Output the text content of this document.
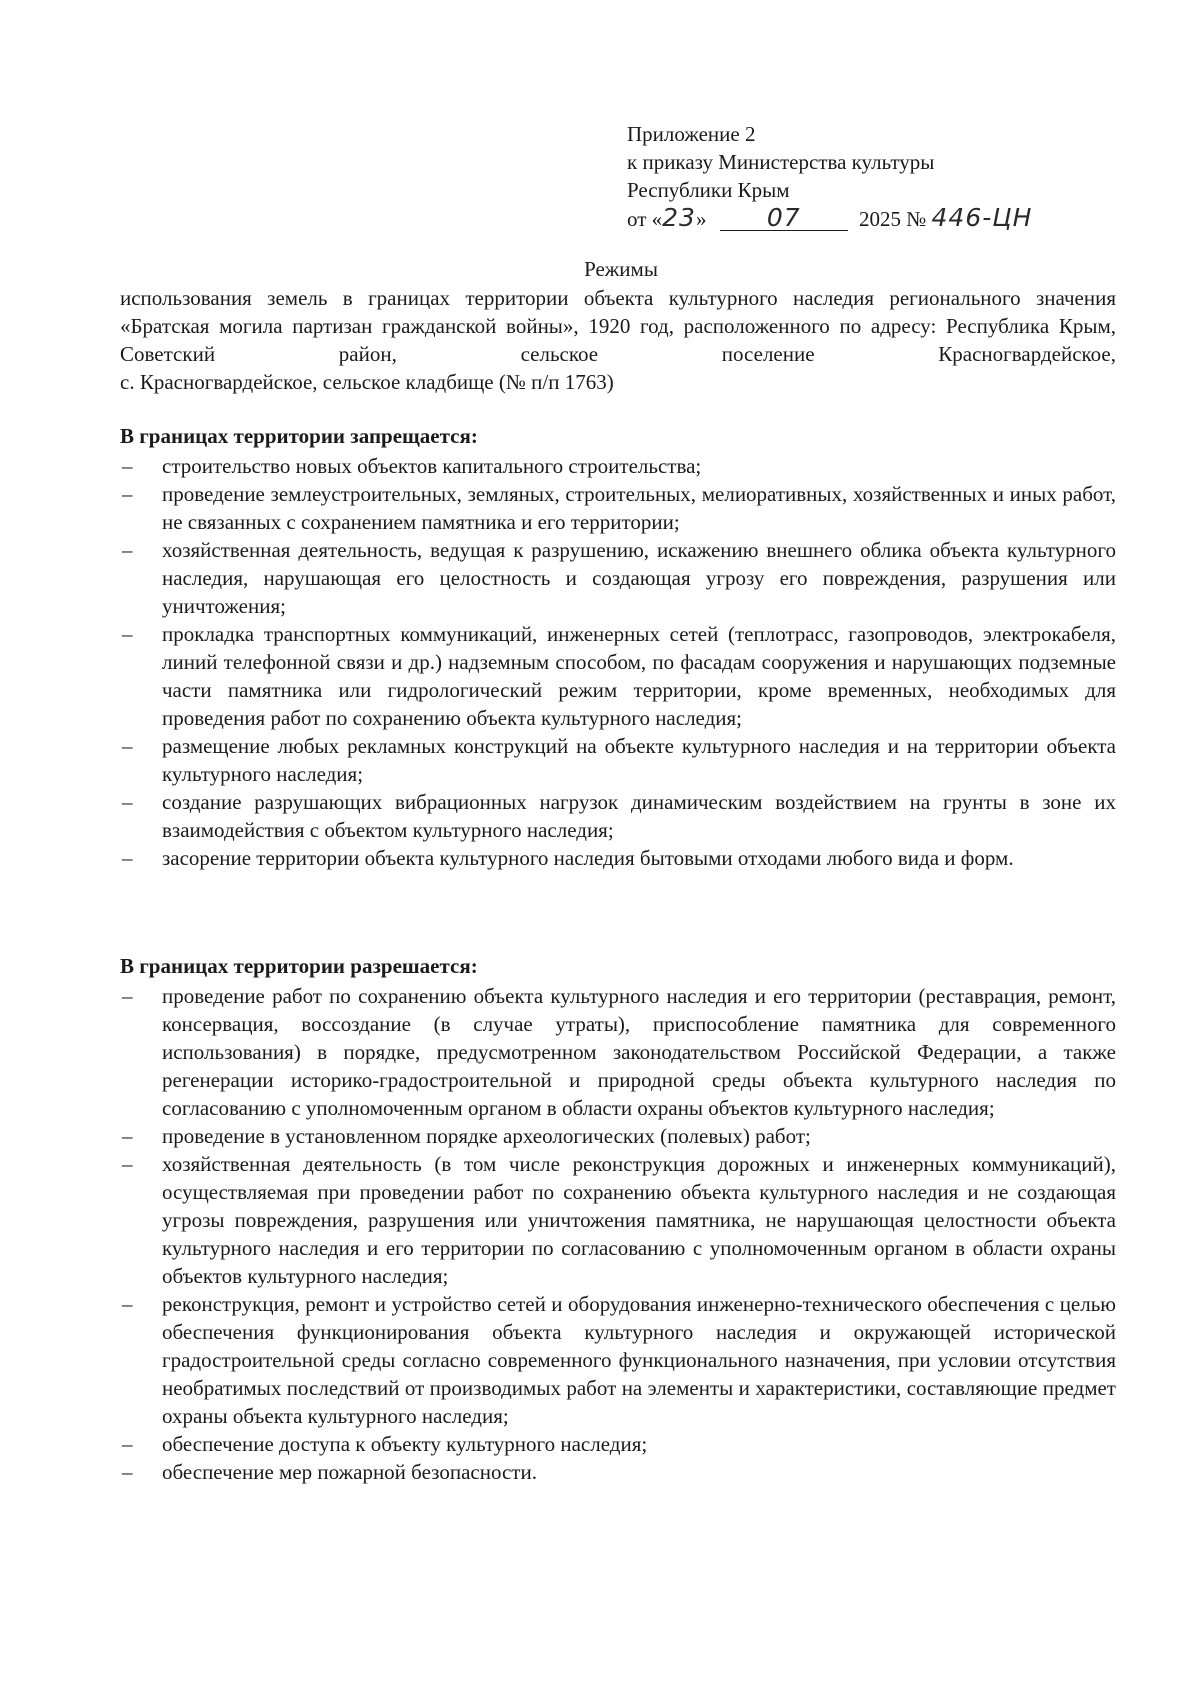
Приложение 2
к приказу Министерства культуры
Республики Крым
от «23» 07	2025 № 446-ЦН
Режимы
использования земель в границах территории объекта культурного наследия регионального значения «Братская могила партизан гражданской войны», 1920 год, расположенного по адресу: Республика Крым, Советский район, сельское поселение Красногвардейское,
с. Красногвардейское, сельское кладбище (№ п/п 1763)
В границах территории запрещается:
– строительство новых объектов капитального строительства;
– проведение землеустроительных, земляных, строительных, мелиоративных, хозяйственных и иных работ, не связанных с сохранением памятника и его территории;
– хозяйственная деятельность, ведущая к разрушению, искажению внешнего облика объекта культурного наследия, нарушающая его целостность и создающая угрозу его повреждения, разрушения или уничтожения;
– прокладка транспортных коммуникаций, инженерных сетей (теплотрасс, газопроводов, электрокабеля, линий телефонной связи и др.) надземным способом, по фасадам сооружения и нарушающих подземные части памятника или гидрологический режим территории, кроме временных, необходимых для проведения работ по сохранению объекта культурного наследия;
– размещение любых рекламных конструкций на объекте культурного наследия и на территории объекта культурного наследия;
– создание разрушающих вибрационных нагрузок динамическим воздействием на грунты в зоне их взаимодействия с объектом культурного наследия;
– засорение территории объекта культурного наследия бытовыми отходами любого вида и форм.
В границах территории разрешается:
– проведение работ по сохранению объекта культурного наследия и его территории (реставрация, ремонт, консервация, воссоздание (в случае утраты), приспособление памятника для современного использования) в порядке, предусмотренном законодательством Российской Федерации, а также регенерации историко-градостроительной и природной среды объекта культурного наследия по согласованию с уполномоченным органом в области охраны объектов культурного наследия;
– проведение в установленном порядке археологических (полевых) работ;
– хозяйственная деятельность (в том числе реконструкция дорожных и инженерных коммуникаций), осуществляемая при проведении работ по сохранению объекта культурного наследия и не создающая угрозы повреждения, разрушения или уничтожения памятника, не нарушающая целостности объекта культурного наследия и его территории по согласованию с уполномоченным органом в области охраны объектов культурного наследия;
– реконструкция, ремонт и устройство сетей и оборудования инженерно-технического обеспечения с целью обеспечения функционирования объекта культурного наследия и окружающей исторической градостроительной среды согласно современного функционального назначения, при условии отсутствия необратимых последствий от производимых работ на элементы и характеристики, составляющие предмет охраны объекта культурного наследия;
– обеспечение доступа к объекту культурного наследия;
– обеспечение мер пожарной безопасности.
